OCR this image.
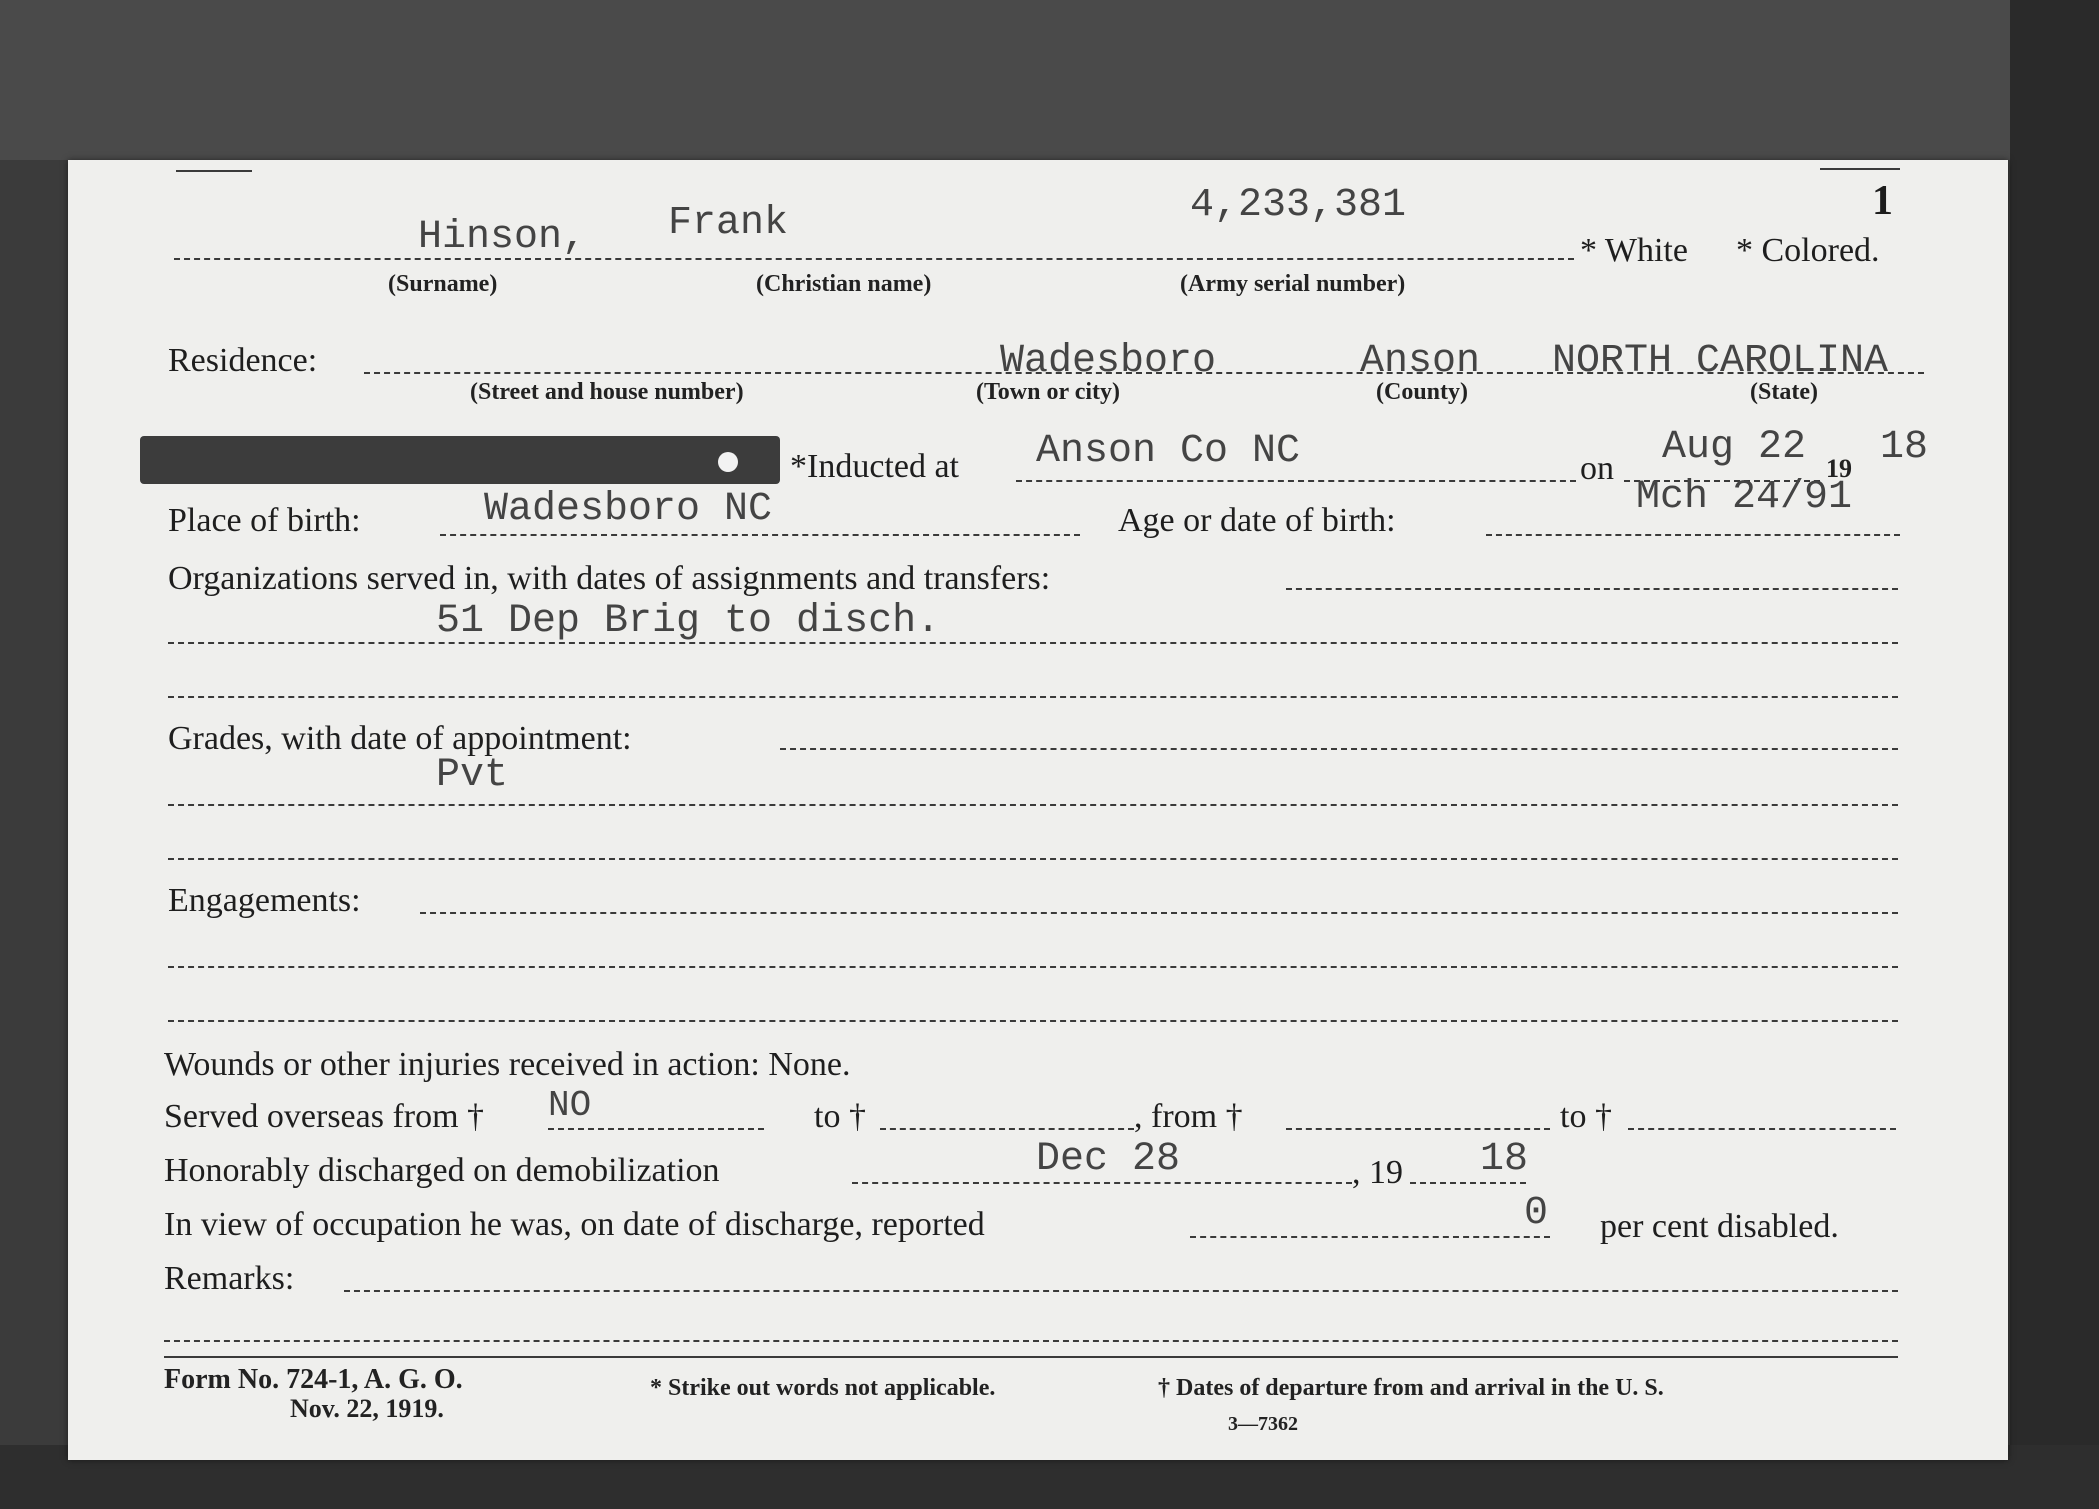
1
Hinson, Frank	4,233,381
* White * Colored.
(Surname)	(Christian name)	(Army serial number)
Residence:	Wadesboro	Anson NORTH CAROLINA
(Street and house number)	(Town or city)	(County)	(State)
*Inducted at Anson Co NC	on Aug 22 19 18
Place of birth:	Wadesboro NC	Age or date of birth:
Mch 24/91
Organizations served in, with dates of assignments and transfers:
51 Dep Brig to disch.
Grades, with date of appointment:
Pvt
Engagements:
Wounds or other injuries received in action: None.
Served overseas from † NO	to †	, from †	to †
Honorably discharged on demobilization	Dec 28	, 19 18
In view of occupation he was, on date of discharge, reported	0 per cent disabled.
Remarks:
Form No. 724-1, A. G. O.
Nov. 22, 1919.
* Strike out words not applicable.	† Dates of departure from and arrival in the U. S.
3—7362
